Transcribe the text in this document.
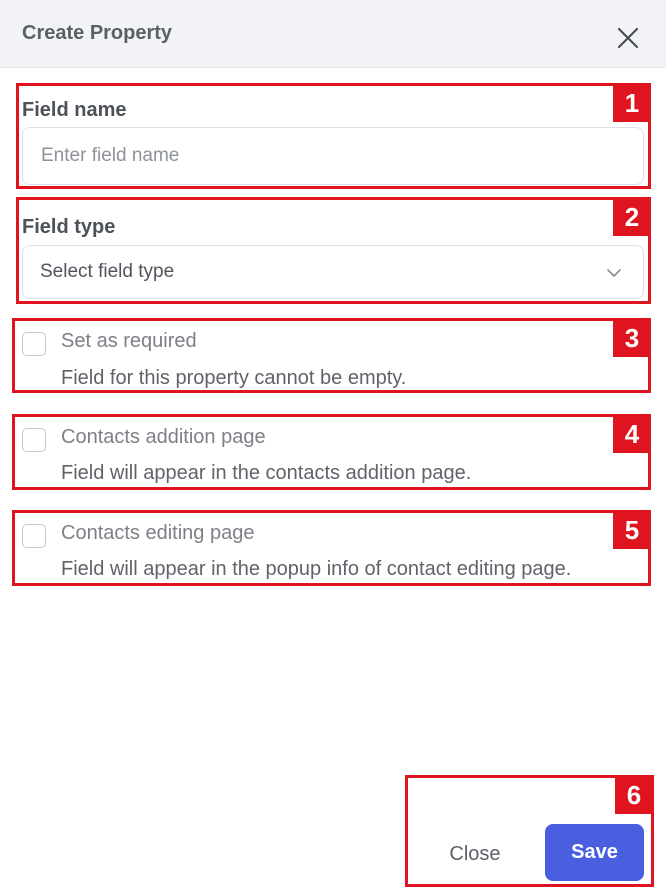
Create Property
Field name
Enter field name
Field type
Select field type
Set as required
Field for this property cannot be empty.
Contacts addition page
Field will appear in the contacts addition page.
Contacts editing page
Field will appear in the popup info of contact editing page.
Close	Save
1
2
3
4
5
6
